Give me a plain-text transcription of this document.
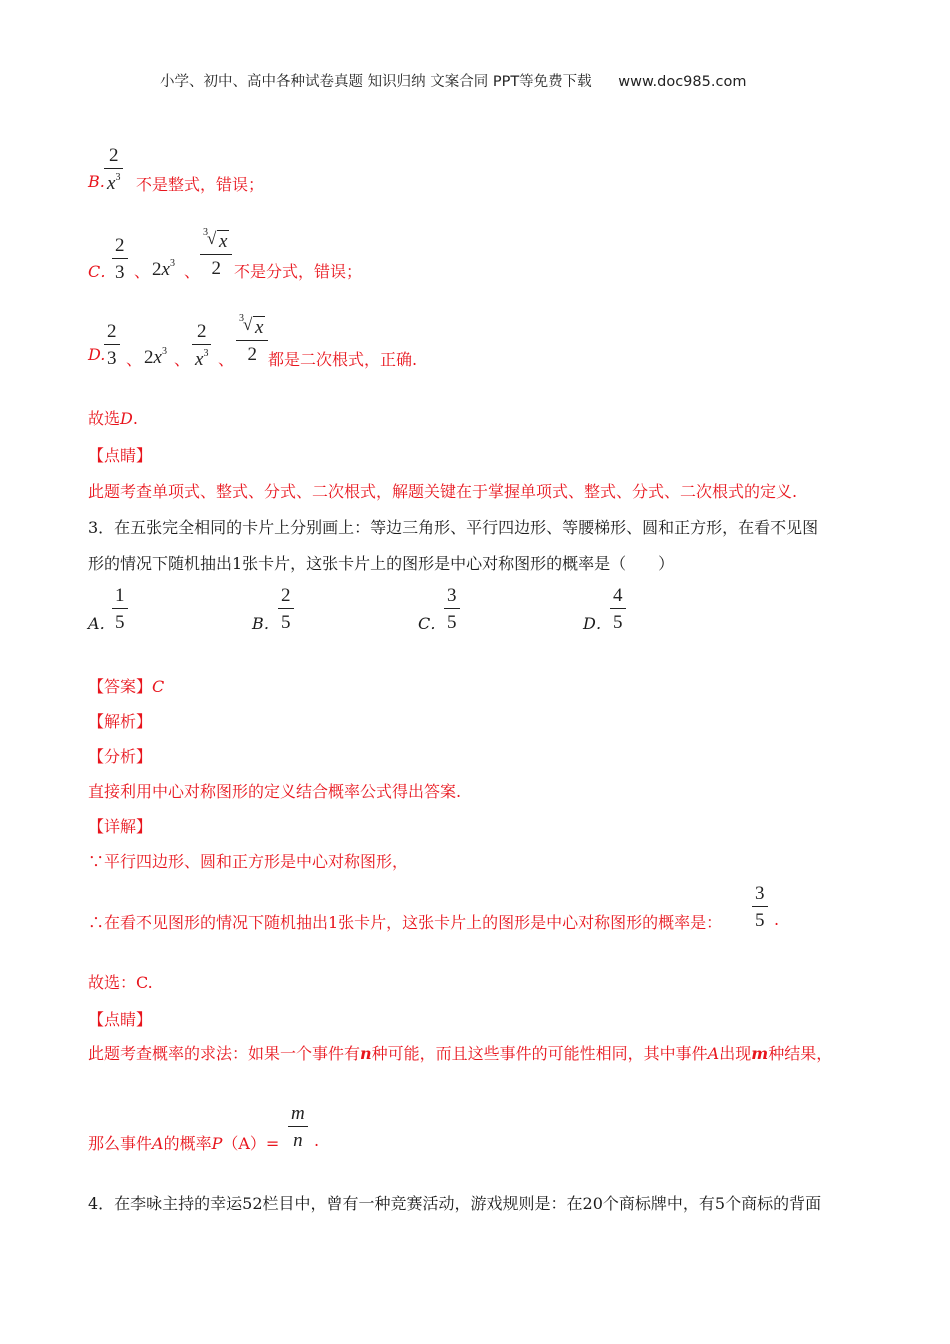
小学、初中、高中各种试卷真题 知识归纳 文案合同 PPT等免费下载 www.doc985.com
B.
2
$x^3$ 不是整式，错误；
C．
2
3 、 $2x^3$ 、
3 √ x
2 不是分式，错误；
D.
2
3 、 $2x^3$ 、
2
$x^3$ 、
3 √ x
2 都是二次根式，正确.
故选D.
【点睛】
此题考查单项式、整式、分式、二次根式，解题关键在于掌握单项式、整式、分式、二次根式的定义.
3．在五张完全相同的卡片上分别画上：等边三角形、平行四边形、等腰梯形、圆和正方形，在看不见图
形的情况下随机抽出1张卡片，这张卡片上的图形是中心对称图形的概率是（　　）
A．
1
5	B．
2
5	C．
3
5	D．
4
5
【答案】C
【解析】
【分析】
直接利用中心对称图形的定义结合概率公式得出答案.
【详解】
∵平行四边形、圆和正方形是中心对称图形，
∴在看不见图形的情况下随机抽出1张卡片，这张卡片上的图形是中心对称图形的概率是：
3
5 .
故选：C.
【点睛】
此题考查概率的求法：如果一个事件有n种可能，而且这些事件的可能性相同，其中事件A出现m种结果，
那么事件A的概率P（A）=
m
n .
4．在李咏主持的幸运52栏目中，曾有一种竞赛活动，游戏规则是：在20个商标牌中，有5个商标的背面
